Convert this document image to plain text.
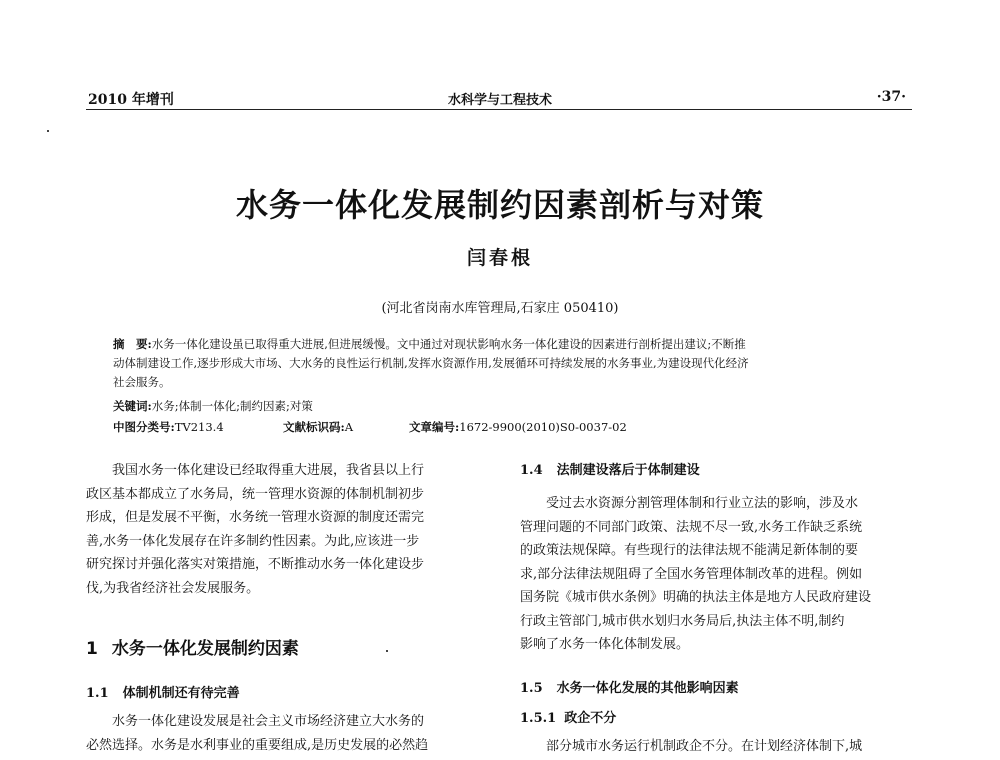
2010 年增刊	水科学与工程技术	·37·
水务一体化发展制约因素剖析与对策
闫春根
(河北省岗南水库管理局,石家庄 050410)
摘　要:水务一体化建设虽已取得重大进展,但进展缓慢。文中通过对现状影响水务一体化建设的因素进行剖析提出建议;不断推
动体制建设工作,逐步形成大市场、大水务的良性运行机制,发挥水资源作用,发展循环可持续发展的水务事业,为建设现代化经济
社会服务。
关键词:水务;体制一体化;制约因素;对策
中图分类号:TV213.4	文献标识码:A	文章编号:1672-9900(2010)S0-0037-02
我国水务一体化建设已经取得重大进展，我省县以上行
政区基本都成立了水务局，统一管理水资源的体制机制初步
形成，但是发展不平衡，水务统一管理水资源的制度还需完
善,水务一体化发展存在许多制约性因素。为此,应该进一步
研究探讨并强化落实对策措施，不断推动水务一体化建设步
伐,为我省经济社会发展服务。
1 水务一体化发展制约因素
1.1 体制机制还有待完善
水务一体化建设发展是社会主义市场经济建立大水务的
必然选择。水务是水利事业的重要组成,是历史发展的必然趋
1.4 法制建设落后于体制建设
受过去水资源分割管理体制和行业立法的影响，涉及水
管理问题的不同部门政策、法规不尽一致,水务工作缺乏系统
的政策法规保障。有些现行的法律法规不能满足新体制的要
求,部分法律法规阻碍了全国水务管理体制改革的进程。例如
国务院《城市供水条例》明确的执法主体是地方人民政府建设
行政主管部门,城市供水划归水务局后,执法主体不明,制约
影响了水务一体化体制发展。
1.5 水务一体化发展的其他影响因素
1.5.1 政企不分
部分城市水务运行机制政企不分。在计划经济体制下,城
